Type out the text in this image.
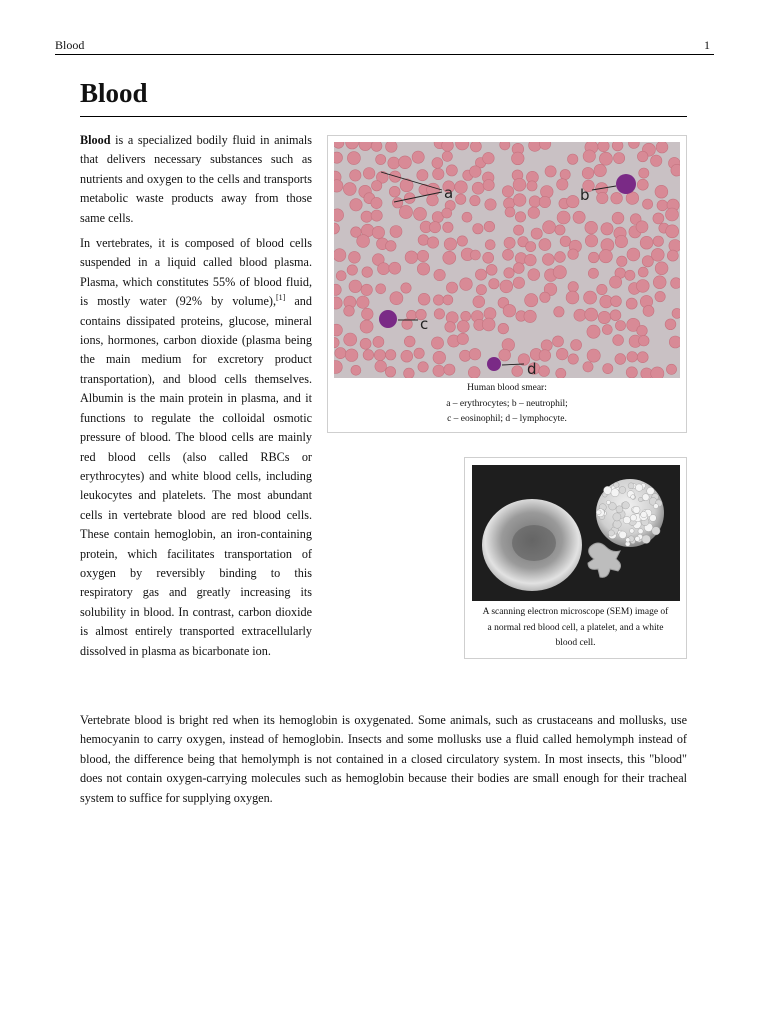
Blood	1
Blood

Blood is a specialized bodily fluid in animals that delivers necessary substances such as nutrients and oxygen to the cells and transports metabolic waste products away from those same cells.

In vertebrates, it is composed of blood cells suspended in a liquid called blood plasma. Plasma, which constitutes 55% of blood fluid, is mostly water (92% by volume),[1] and contains dissipated proteins, glucose, mineral ions, hormones, carbon dioxide (plasma being the main medium for excretory product transportation), and blood cells themselves. Albumin is the main protein in plasma, and it functions to regulate the colloidal osmotic pressure of blood. The blood cells are mainly red blood cells (also called RBCs or erythrocytes) and white blood cells, including leukocytes and platelets. The most abundant cells in vertebrate blood are red blood cells. These contain hemoglobin, an iron-containing protein, which facilitates transportation of oxygen by reversibly binding to this respiratory gas and greatly increasing its solubility in blood. In contrast, carbon dioxide is almost entirely transported extracellularly dissolved in plasma as bicarbonate ion.

a	b
c
d
Human blood smear:
a – erythrocytes; b – neutrophil;
c – eosinophil; d – lymphocyte.
A scanning electron microscope (SEM) image of
a normal red blood cell, a platelet, and a white
blood cell.

Vertebrate blood is bright red when its hemoglobin is oxygenated. Some animals, such as crustaceans and mollusks, use hemocyanin to carry oxygen, instead of hemoglobin. Insects and some mollusks use a fluid called hemolymph instead of blood, the difference being that hemolymph is not contained in a closed circulatory system. In most insects, this "blood" does not contain oxygen-carrying molecules such as hemoglobin because their bodies are small enough for their tracheal system to suffice for supplying oxygen.
